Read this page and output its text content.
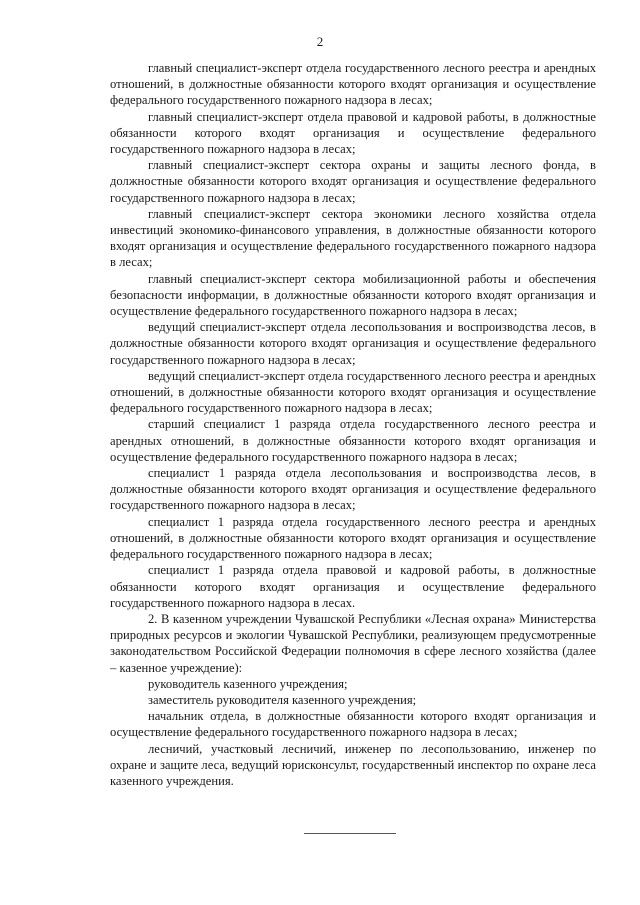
2

главный специалист-эксперт отдела государственного лесного реестра и арендных отношений, в должностные обязанности которого входят организация и осуществление федерального государственного пожарного надзора в лесах;

главный специалист-эксперт отдела правовой и кадровой работы, в должностные обязанности которого входят организация и осуществление федерального государственного пожарного надзора в лесах;

главный специалист-эксперт сектора охраны и защиты лесного фонда, в должностные обязанности которого входят организация и осуществление федерального государственного пожарного надзора в лесах;

главный специалист-эксперт сектора экономики лесного хозяйства отдела инвестиций экономико-финансового управления, в должностные обязанности которого входят организация и осуществление федерального государственного пожарного надзора в лесах;

главный специалист-эксперт сектора мобилизационной работы и обеспечения безопасности информации, в должностные обязанности которого входят организация и осуществление федерального государственного пожарного надзора в лесах;

ведущий специалист-эксперт отдела лесопользования и воспроизводства лесов, в должностные обязанности которого входят организация и осуществление федерального государственного пожарного надзора в лесах;

ведущий специалист-эксперт отдела государственного лесного реестра и арендных отношений, в должностные обязанности которого входят организация и осуществление федерального государственного пожарного надзора в лесах;

старший специалист 1 разряда отдела государственного лесного реестра и арендных отношений, в должностные обязанности которого входят организация и осуществление федерального государственного пожарного надзора в лесах;

специалист 1 разряда отдела лесопользования и воспроизводства лесов, в должностные обязанности которого входят организация и осуществление федерального государственного пожарного надзора в лесах;

специалист 1 разряда отдела государственного лесного реестра и арендных отношений, в должностные обязанности которого входят организация и осуществление федерального государственного пожарного надзора в лесах;

специалист 1 разряда отдела правовой и кадровой работы, в должностные обязанности которого входят организация и осуществление федерального государственного пожарного надзора в лесах.

2. В казенном учреждении Чувашской Республики «Лесная охрана» Министерства природных ресурсов и экологии Чувашской Республики, реализующем предусмотренные законодательством Российской Федерации полномочия в сфере лесного хозяйства (далее – казенное учреждение):

руководитель казенного учреждения;

заместитель руководителя казенного учреждения;

начальник отдела, в должностные обязанности которого входят организация и осуществление федерального государственного пожарного надзора в лесах;

лесничий, участковый лесничий, инженер по лесопользованию, инженер по охране и защите леса, ведущий юрисконсульт, государственный инспектор по охране леса казенного учреждения.
